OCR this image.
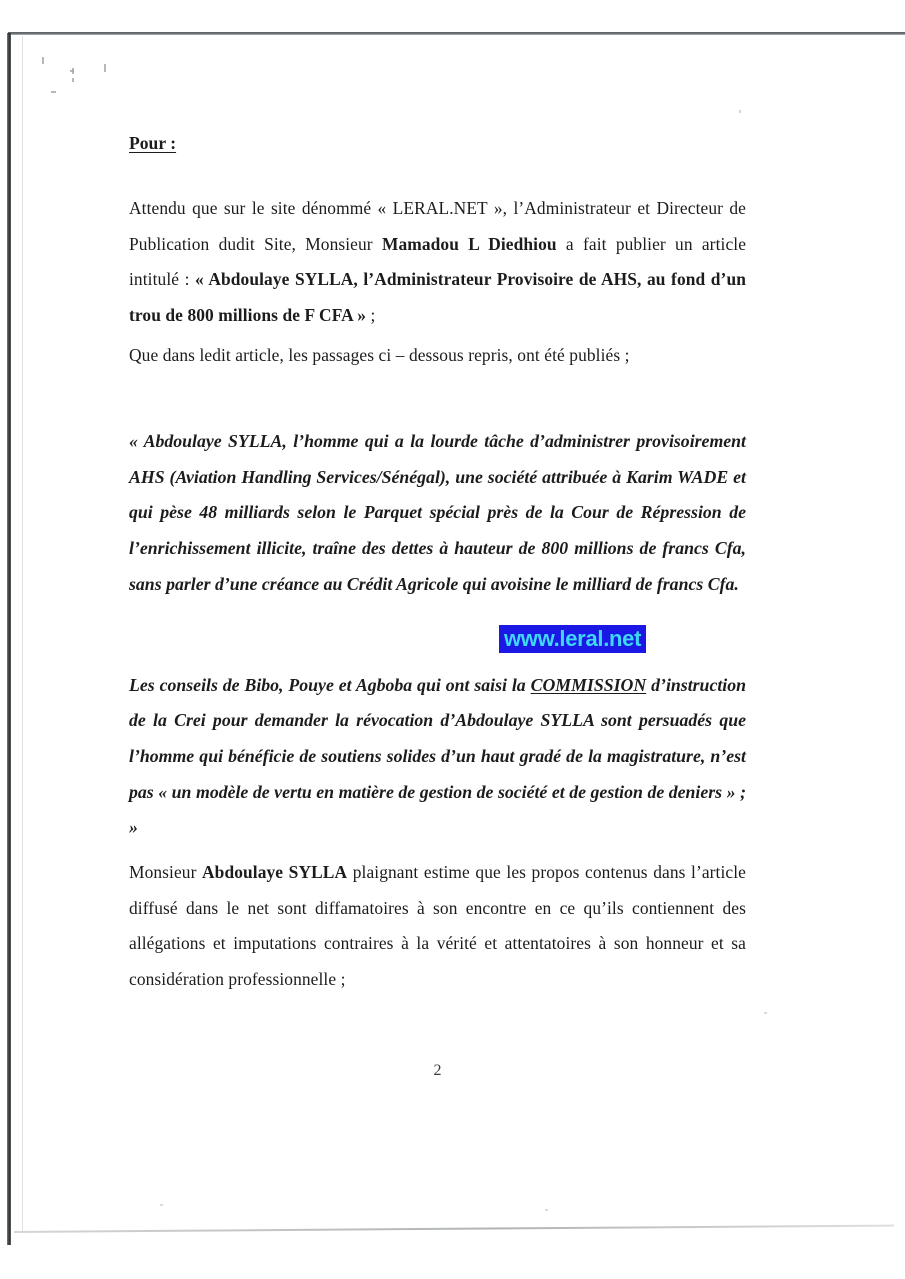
Pour :

Attendu que sur le site dénommé « LERAL.NET », l’Administrateur et Directeur de Publication dudit Site, Monsieur Mamadou L Diedhiou a fait publier un article intitulé : « Abdoulaye SYLLA, l’Administrateur Provisoire de AHS, au fond d’un trou de 800 millions de F CFA » ;

Que dans ledit article, les passages ci – dessous repris, ont été publiés ;

« Abdoulaye SYLLA, l’homme qui a la lourde tâche d’administrer provisoirement AHS (Aviation Handling Services/Sénégal), une société attribuée à Karim WADE et qui pèse 48 milliards selon le Parquet spécial près de la Cour de Répression de l’enrichissement illicite, traîne des dettes à hauteur de 800 millions de francs Cfa, sans parler d’une créance au Crédit Agricole qui avoisine le milliard de francs Cfa.

www.leral.net

Les conseils de Bibo, Pouye et Agboba qui ont saisi la COMMISSION d’instruction de la Crei pour demander la révocation d’Abdoulaye SYLLA sont persuadés que l’homme qui bénéficie de soutiens solides d’un haut gradé de la magistrature, n’est pas « un modèle de vertu en matière de gestion de société et de gestion de deniers » ; »

Monsieur Abdoulaye SYLLA plaignant estime que les propos contenus dans l’article diffusé dans le net sont diffamatoires à son encontre en ce qu’ils contiennent des allégations et imputations contraires à la vérité et attentatoires à son honneur et sa considération professionnelle ;

2
